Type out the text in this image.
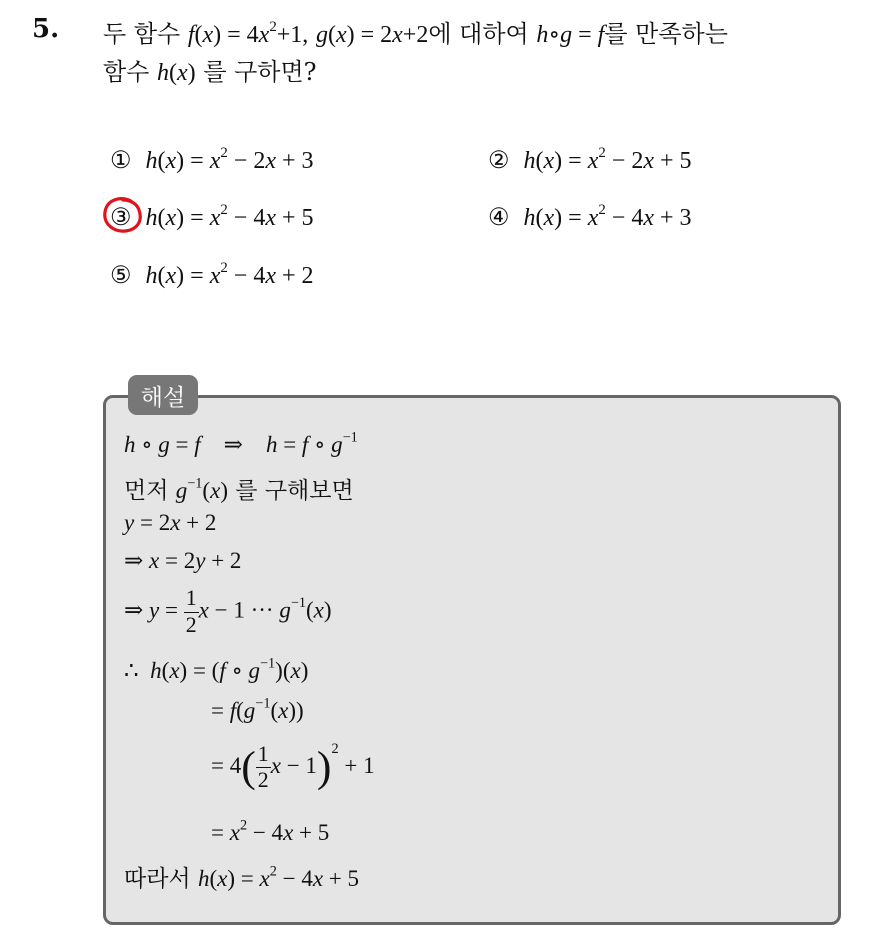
5. 두 함수 $f(x) = 4x^2+1$, g(x) = 2x+2에 대하여 h∘g = f를 만족하는
함수 h(x) 를 구하면?
① $h(x) = x^2 - 2x + 3$	② $h(x) = x^2 - 2x + 5$
③ $h(x) = x^2 - 4x + 5$	④ $h(x) = x^2 - 4x + 3$
⑤ $h(x) = x^2 - 4x + 2$
해설
h ∘ g = f    ⇒    h = f ∘ $g^{-1}$
먼저 $g^{-1}(x)$ 를 구해보면
y = 2x + 2
⇒ x = 2y + 2
⇒ $y = \frac{1}{2}$ x − 1 ··· $g^{-1}(x)$
∴  h(x) = (f ∘ $g^{-1})(x)$
= $f(g^{-1}(x))$
= $4( \frac{1}{2}$ $x - 1)^2 + 1$
= $x^2 - 4x + 5$
따라서 $h(x) = x^2 - 4x + 5$
